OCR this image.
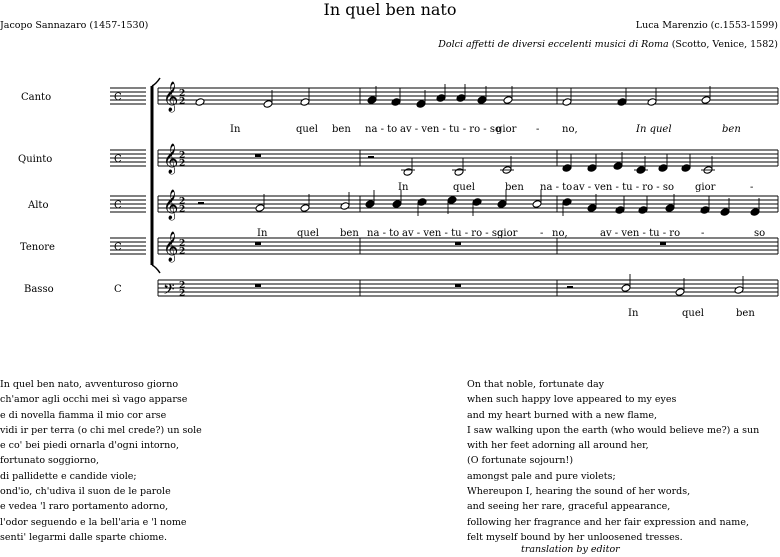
In quel ben nato
Jacopo Sannazaro (1457-1530)	Luca Marenzio (c.1553-1599)
Dolci affetti de diversi eccelenti musici di Roma (Scotto, Venice, 1582)
𝄞 2
2
C
𝄞 2
2
C
𝄞 2
2
C
𝄞 2
2
C
𝄢 2
2
C
In	quel ben na - to av - ven - tu - ro - so
gior - no,	In quel	ben
In	quel	ben na - to av - ven - tu - ro - so gior	-
In	quel ben na - to av - ven - tu - ro - so
gior - no,	av - ven - tu - ro -	so
In	quel	ben
Canto
Quinto
Alto
Tenore
Basso
In quel ben nato, avventuroso giorno
ch'amor agli occhi mei sì vago apparse
e di novella fiamma il mio cor arse
vidi ir per terra (o chi mel crede?) un sole
e co' bei piedi ornarla d'ogni intorno,
fortunato soggiorno,
di pallidette e candide viole;
ond'io, ch'udiva il suon de le parole
e vedea 'l raro portamento adorno,
l'odor seguendo e la bell'aria e 'l nome
senti' legarmi dalle sparte chiome.
On that noble, fortunate day
when such happy love appeared to my eyes
and my heart burned with a new flame,
I saw walking upon the earth (who would believe me?) a sun
with her feet adorning all around her,
(O fortunate sojourn!)
amongst pale and pure violets;
Whereupon I, hearing the sound of her words,
and seeing her rare, graceful appearance,
following her fragrance and her fair expression and name,
felt myself bound by her unloosened tresses.
translation by editor
